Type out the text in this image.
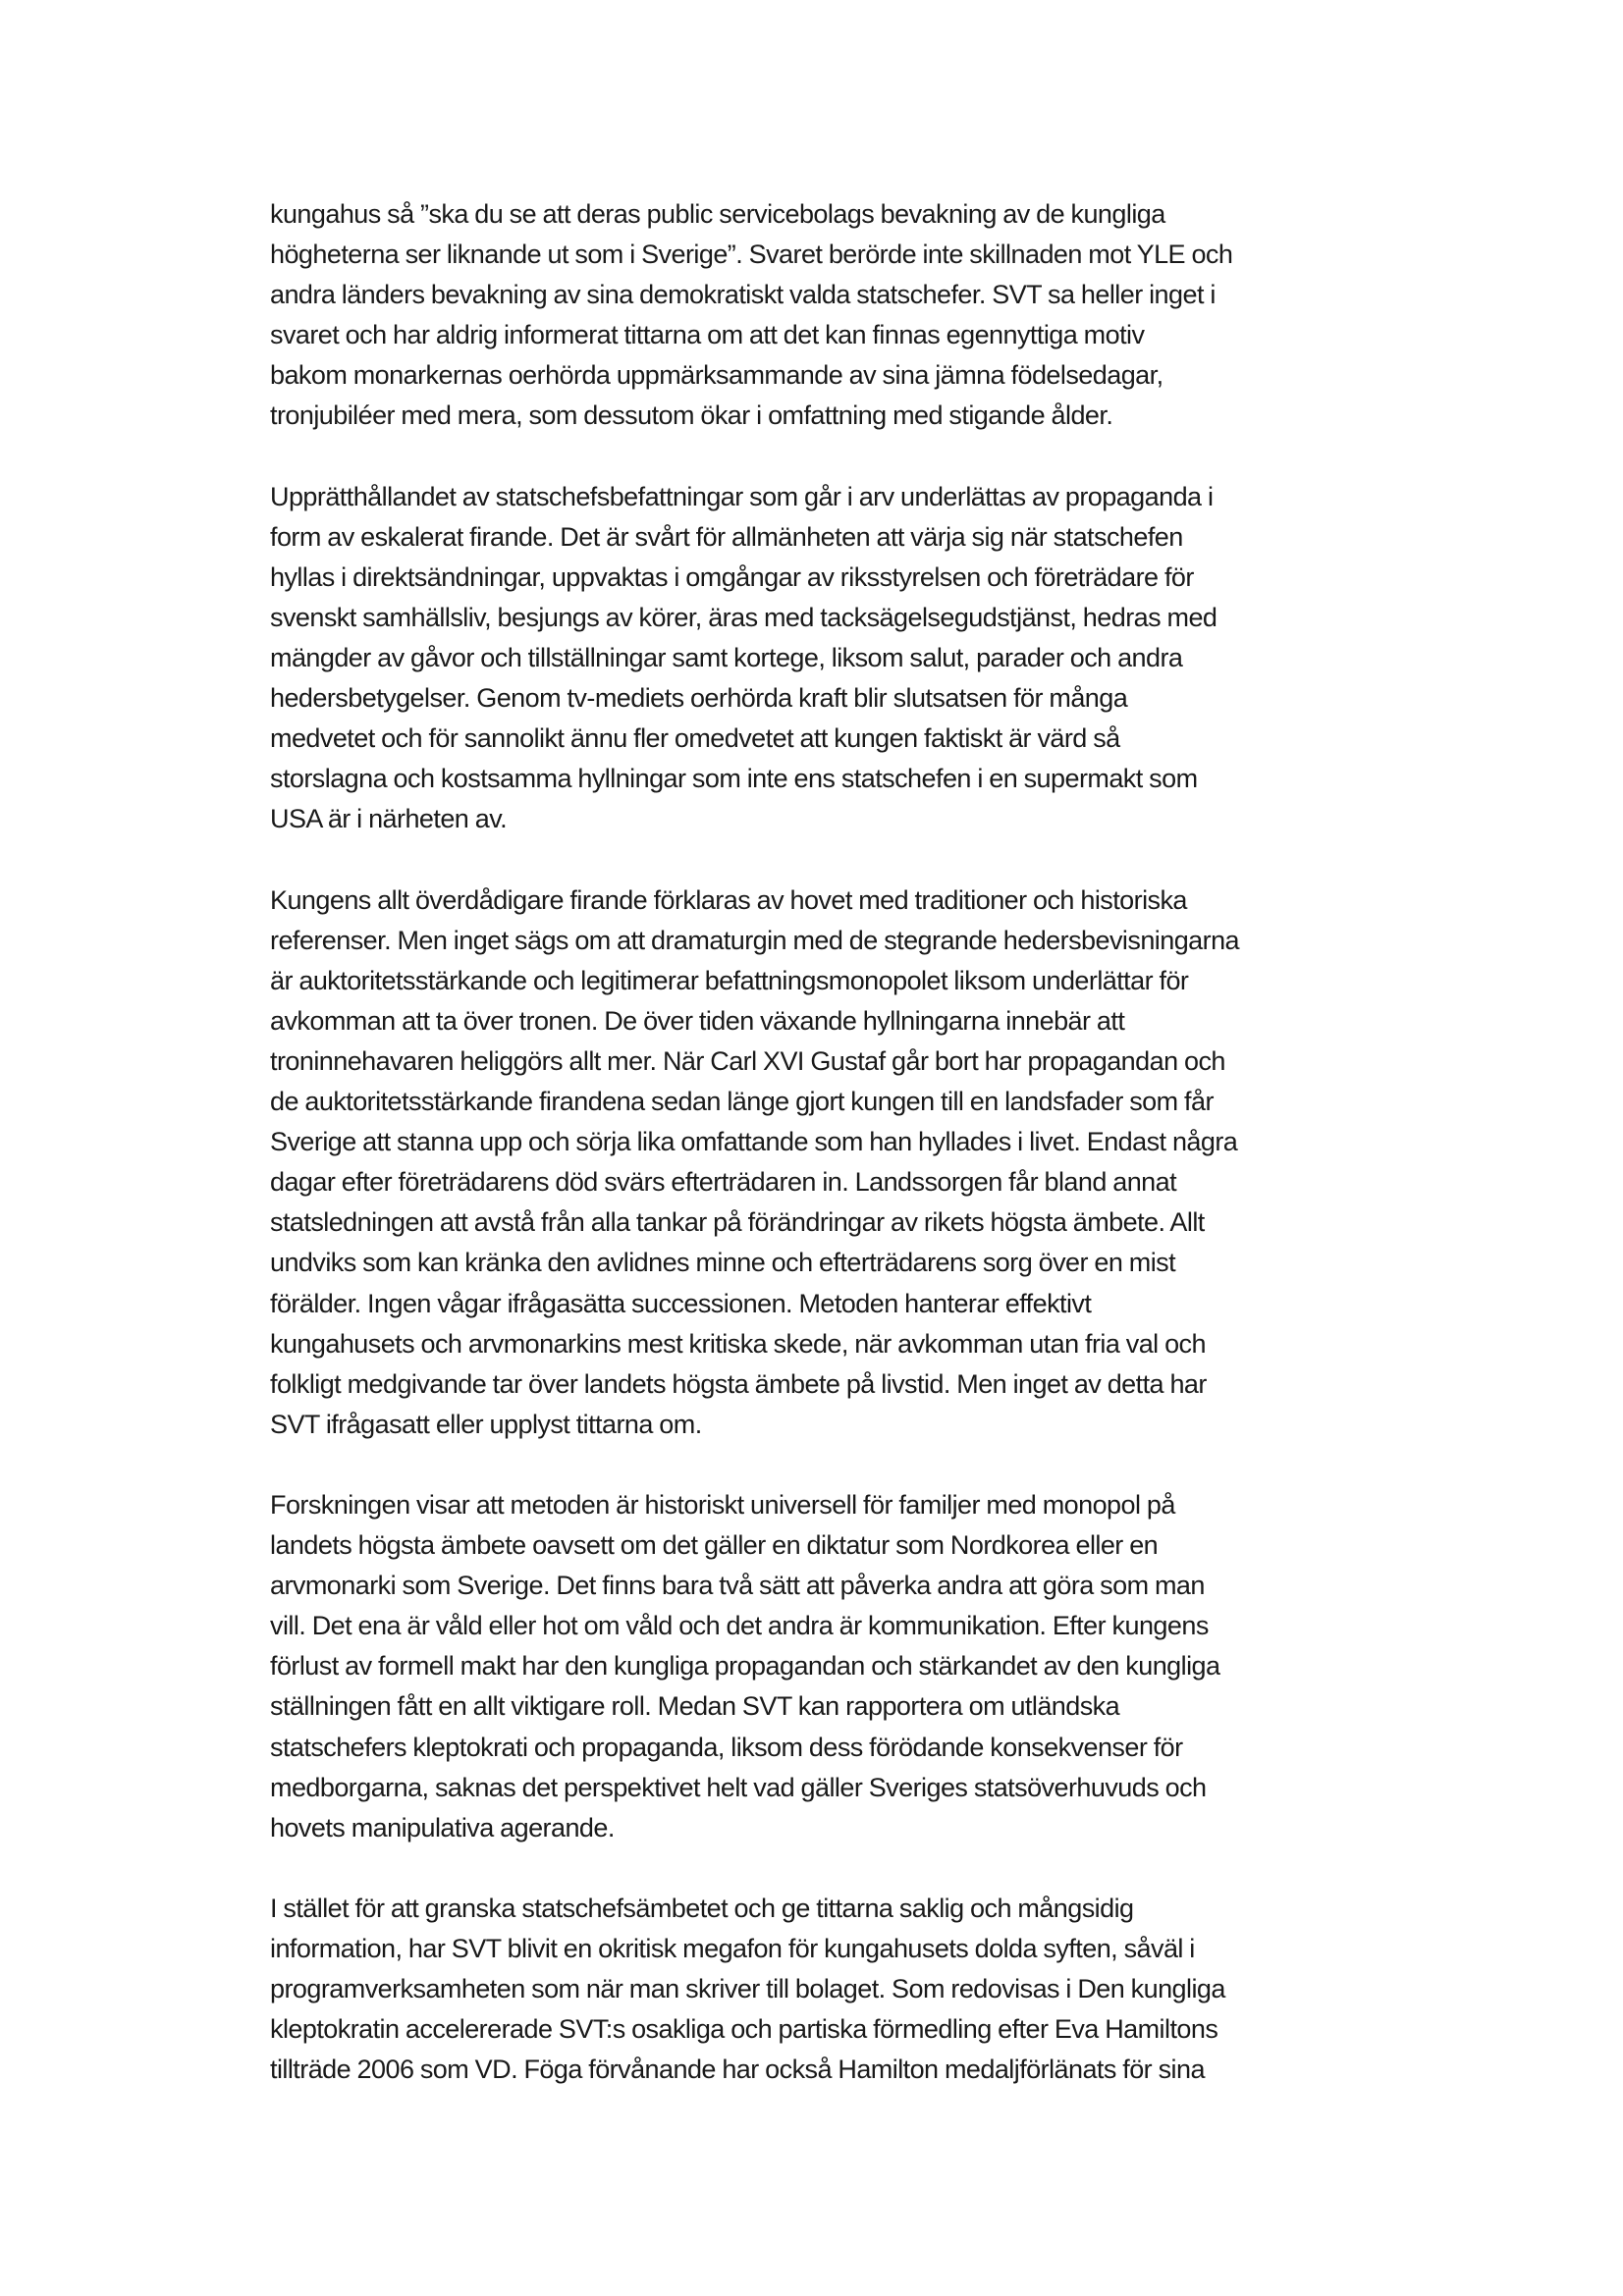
kungahus så ”ska du se att deras public servicebolags bevakning av de kungliga
högheterna ser liknande ut som i Sverige”. Svaret berörde inte skillnaden mot YLE och
andra länders bevakning av sina demokratiskt valda statschefer. SVT sa heller inget i
svaret och har aldrig informerat tittarna om att det kan finnas egennyttiga motiv
bakom monarkernas oerhörda uppmärksammande av sina jämna födelsedagar,
tronjubiléer med mera, som dessutom ökar i omfattning med stigande ålder.
Upprätthållandet av statschefsbefattningar som går i arv underlättas av propaganda i
form av eskalerat firande. Det är svårt för allmänheten att värja sig när statschefen
hyllas i direktsändningar, uppvaktas i omgångar av riksstyrelsen och företrädare för
svenskt samhällsliv, besjungs av körer, äras med tacksägelsegudstjänst, hedras med
mängder av gåvor och tillställningar samt kortege, liksom salut, parader och andra
hedersbetygelser. Genom tv-mediets oerhörda kraft blir slutsatsen för många
medvetet och för sannolikt ännu fler omedvetet att kungen faktiskt är värd så
storslagna och kostsamma hyllningar som inte ens statschefen i en supermakt som
USA är i närheten av.
Kungens allt överdådigare firande förklaras av hovet med traditioner och historiska
referenser. Men inget sägs om att dramaturgin med de stegrande hedersbevisningarna
är auktoritetsstärkande och legitimerar befattningsmonopolet liksom underlättar för
avkomman att ta över tronen. De över tiden växande hyllningarna innebär att
troninnehavaren heliggörs allt mer. När Carl XVI Gustaf går bort har propagandan och
de auktoritetsstärkande firandena sedan länge gjort kungen till en landsfader som får
Sverige att stanna upp och sörja lika omfattande som han hyllades i livet. Endast några
dagar efter företrädarens död svärs efterträdaren in. Landssorgen får bland annat
statsledningen att avstå från alla tankar på förändringar av rikets högsta ämbete. Allt
undviks som kan kränka den avlidnes minne och efterträdarens sorg över en mist
förälder. Ingen vågar ifrågasätta successionen. Metoden hanterar effektivt
kungahusets och arvmonarkins mest kritiska skede, när avkomman utan fria val och
folkligt medgivande tar över landets högsta ämbete på livstid. Men inget av detta har
SVT ifrågasatt eller upplyst tittarna om.
Forskningen visar att metoden är historiskt universell för familjer med monopol på
landets högsta ämbete oavsett om det gäller en diktatur som Nordkorea eller en
arvmonarki som Sverige. Det finns bara två sätt att påverka andra att göra som man
vill. Det ena är våld eller hot om våld och det andra är kommunikation. Efter kungens
förlust av formell makt har den kungliga propagandan och stärkandet av den kungliga
ställningen fått en allt viktigare roll. Medan SVT kan rapportera om utländska
statschefers kleptokrati och propaganda, liksom dess förödande konsekvenser för
medborgarna, saknas det perspektivet helt vad gäller Sveriges statsöverhuvuds och
hovets manipulativa agerande.
I stället för att granska statschefsämbetet och ge tittarna saklig och mångsidig
information, har SVT blivit en okritisk megafon för kungahusets dolda syften, såväl i
programverksamheten som när man skriver till bolaget. Som redovisas i Den kungliga
kleptokratin accelererade SVT:s osakliga och partiska förmedling efter Eva Hamiltons
tillträde 2006 som VD. Föga förvånande har också Hamilton medaljförlänats för sina
